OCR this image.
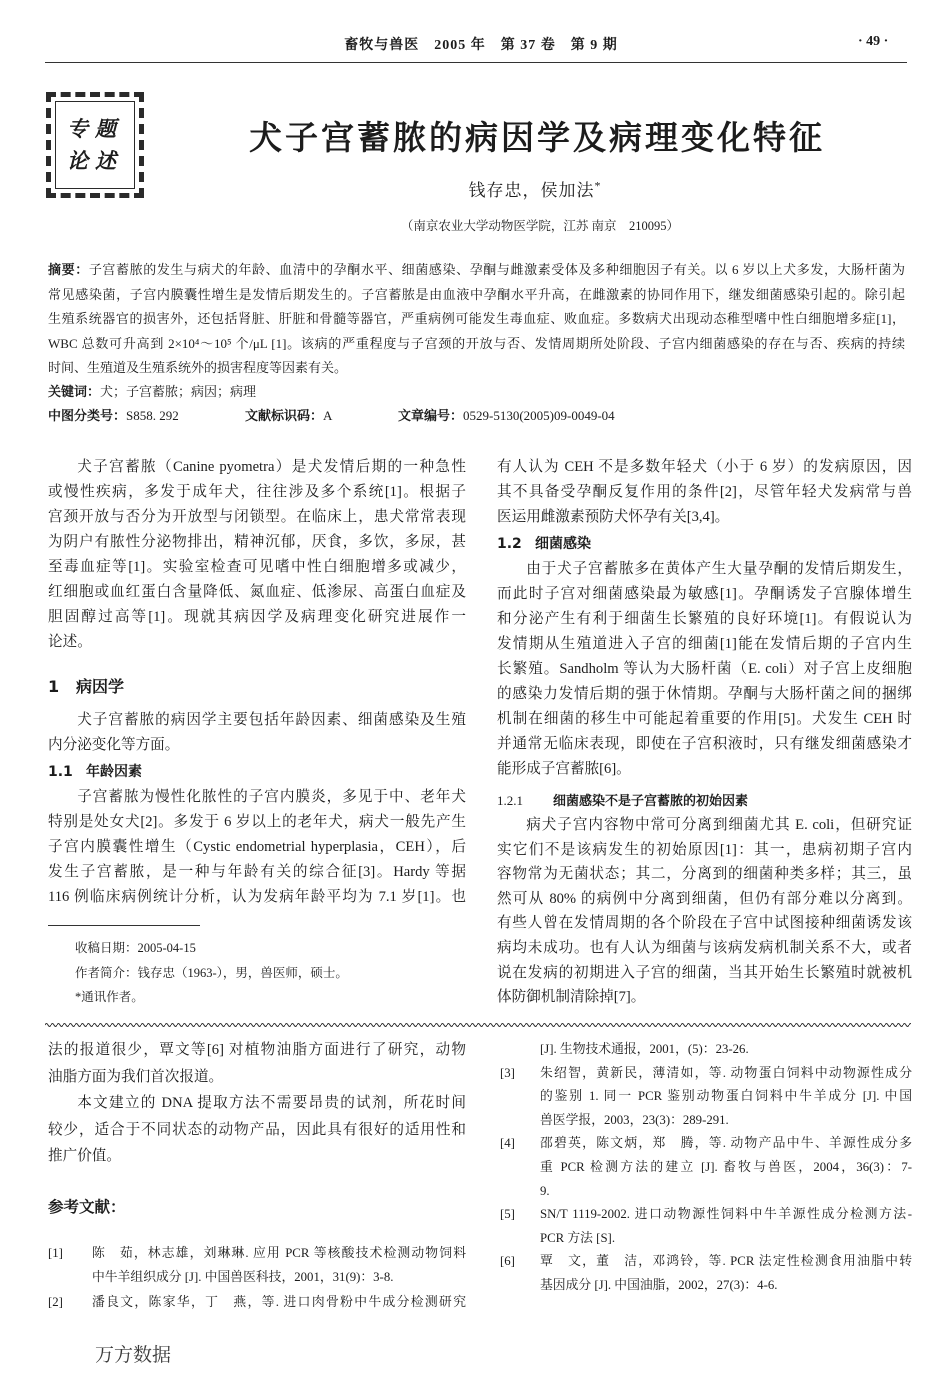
畜牧与兽医　2005 年　第 37 卷　第 9 期	· 49 ·
专题
论述
犬子宫蓄脓的病因学及病理变化特征
钱存忠，侯加法*
（南京农业大学动物医学院，江苏 南京　210095）
摘要：子宫蓄脓的发生与病犬的年龄、血清中的孕酮水平、细菌感染、孕酮与雌激素受体及多种细胞因子有关。以 6 岁以上犬多发，大肠杆菌为
常见感染菌，子宫内膜囊性增生是发情后期发生的。子宫蓄脓是由血液中孕酮水平升高，在雌激素的协同作用下，继发细菌感染引起的。除引起
生殖系统器官的损害外，还包括肾脏、肝脏和骨髓等器官，严重病例可能发生毒血症、败血症。多数病犬出现动态稚型嗜中性白细胞增多症[1]，
WBC 总数可升高到 2×10⁴～10⁵ 个/μL [1]。该病的严重程度与子宫颈的开放与否、发情周期所处阶段、子宫内细菌感染的存在与否、疾病的持续
时间、生殖道及生殖系统外的损害程度等因素有关。
关键词：犬；子宫蓄脓；病因；病理
中图分类号：S858. 292	文献标识码：A	文章编号：0529-5130(2005)09-0049-04
犬子宫蓄脓（Canine pyometra）是犬发情后期的一种急性
或慢性疾病，多发于成年犬，往往涉及多个系统[1]。根据子
宫颈开放与否分为开放型与闭锁型。在临床上，患犬常常表现
为阴户有脓性分泌物排出，精神沉郁，厌食，多饮，多尿，甚
至毒血症等[1]。实验室检查可见嗜中性白细胞增多或减少，
红细胞或血红蛋白含量降低、氮血症、低渗尿、高蛋白血症及
胆固醇过高等[1]。现就其病因学及病理变化研究进展作一
论述。
1 病因学
犬子宫蓄脓的病因学主要包括年龄因素、细菌感染及生殖
内分泌变化等方面。
1.1 年龄因素
子宫蓄脓为慢性化脓性的子宫内膜炎，多见于中、老年犬
特别是处女犬[2]。多发于 6 岁以上的老年犬，病犬一般先产生
子宫内膜囊性增生（Cystic endometrial hyperplasia，CEH），后
发生子宫蓄脓，是一种与年龄有关的综合征[3]。Hardy 等据
116 例临床病例统计分析，认为发病年龄平均为 7.1 岁[1]。也
收稿日期：2005-04-15
作者简介：钱存忠（1963-），男，兽医师，硕士。
*通讯作者。
有人认为 CEH 不是多数年轻犬（小于 6 岁）的发病原因，因
其不具备受孕酮反复作用的条件[2]，尽管年轻犬发病常与兽
医运用雌激素预防犬怀孕有关[3,4]。
1.2 细菌感染
由于犬子宫蓄脓多在黄体产生大量孕酮的发情后期发生，
而此时子宫对细菌感染最为敏感[1]。孕酮诱发子宫腺体增生
和分泌产生有利于细菌生长繁殖的良好环境[1]。有假说认为
发情期从生殖道进入子宫的细菌[1]能在发情后期的子宫内生
长繁殖。Sandholm 等认为大肠杆菌（E. coli）对子宫上皮细胞
的感染力发情后期的强于休情期。孕酮与大肠杆菌之间的捆绑
机制在细菌的移生中可能起着重要的作用[5]。犬发生 CEH 时
并通常无临床表现，即使在子宫积液时，只有继发细菌感染才
能形成子宫蓄脓[6]。
1.2.1 细菌感染不是子宫蓄脓的初始因素
病犬子宫内容物中常可分离到细菌尤其 E. coli，但研究证
实它们不是该病发生的初始原因[1]：其一，患病初期子宫内
容物常为无菌状态；其二，分离到的细菌种类多样；其三，虽
然可从 80% 的病例中分离到细菌，但仍有部分难以分离到。
有些人曾在发情周期的各个阶段在子宫中试图接种细菌诱发该
病均未成功。也有人认为细菌与该病发病机制关系不大，或者
说在发病的初期进入子宫的细菌，当其开始生长繁殖时就被机
体防御机制清除掉[7]。
法的报道很少，覃文等[6] 对植物油脂方面进行了研究，动物
油脂方面为我们首次报道。
本文建立的 DNA 提取方法不需要昂贵的试剂，所花时间
较少，适合于不同状态的动物产品，因此具有很好的适用性和
推广价值。
参考文献：
[1] 陈　茹，林志雄，刘琳琳. 应用 PCR 等核酸技术检测动物饲料
中牛羊组织成分 [J]. 中国兽医科技，2001，31(9)：3-8.
[2] 潘良文，陈家华，丁　燕，等. 进口肉骨粉中牛成分检测研究
[J]. 生物技术通报，2001，(5)：23-26.
[3] 朱绍智，黄新民，薄清如，等. 动物蛋白饲料中动物源性成分
的鉴别 1. 同一 PCR 鉴别动物蛋白饲料中牛羊成分 [J]. 中国
兽医学报，2003，23(3)：289-291.
[4] 邵碧英，陈文炳，郑　腾，等. 动物产品中牛、羊源性成分多
重 PCR 检测方法的建立 [J]. 畜牧与兽医，2004，36(3)：7-
9.
[5] SN/T 1119-2002. 进口动物源性饲料中牛羊源性成分检测方法-
PCR 方法 [S].
[6] 覃　文，董　洁，邓鸿铃，等. PCR 法定性检测食用油脂中转
基因成分 [J]. 中国油脂，2002，27(3)：4-6.
万方数据
